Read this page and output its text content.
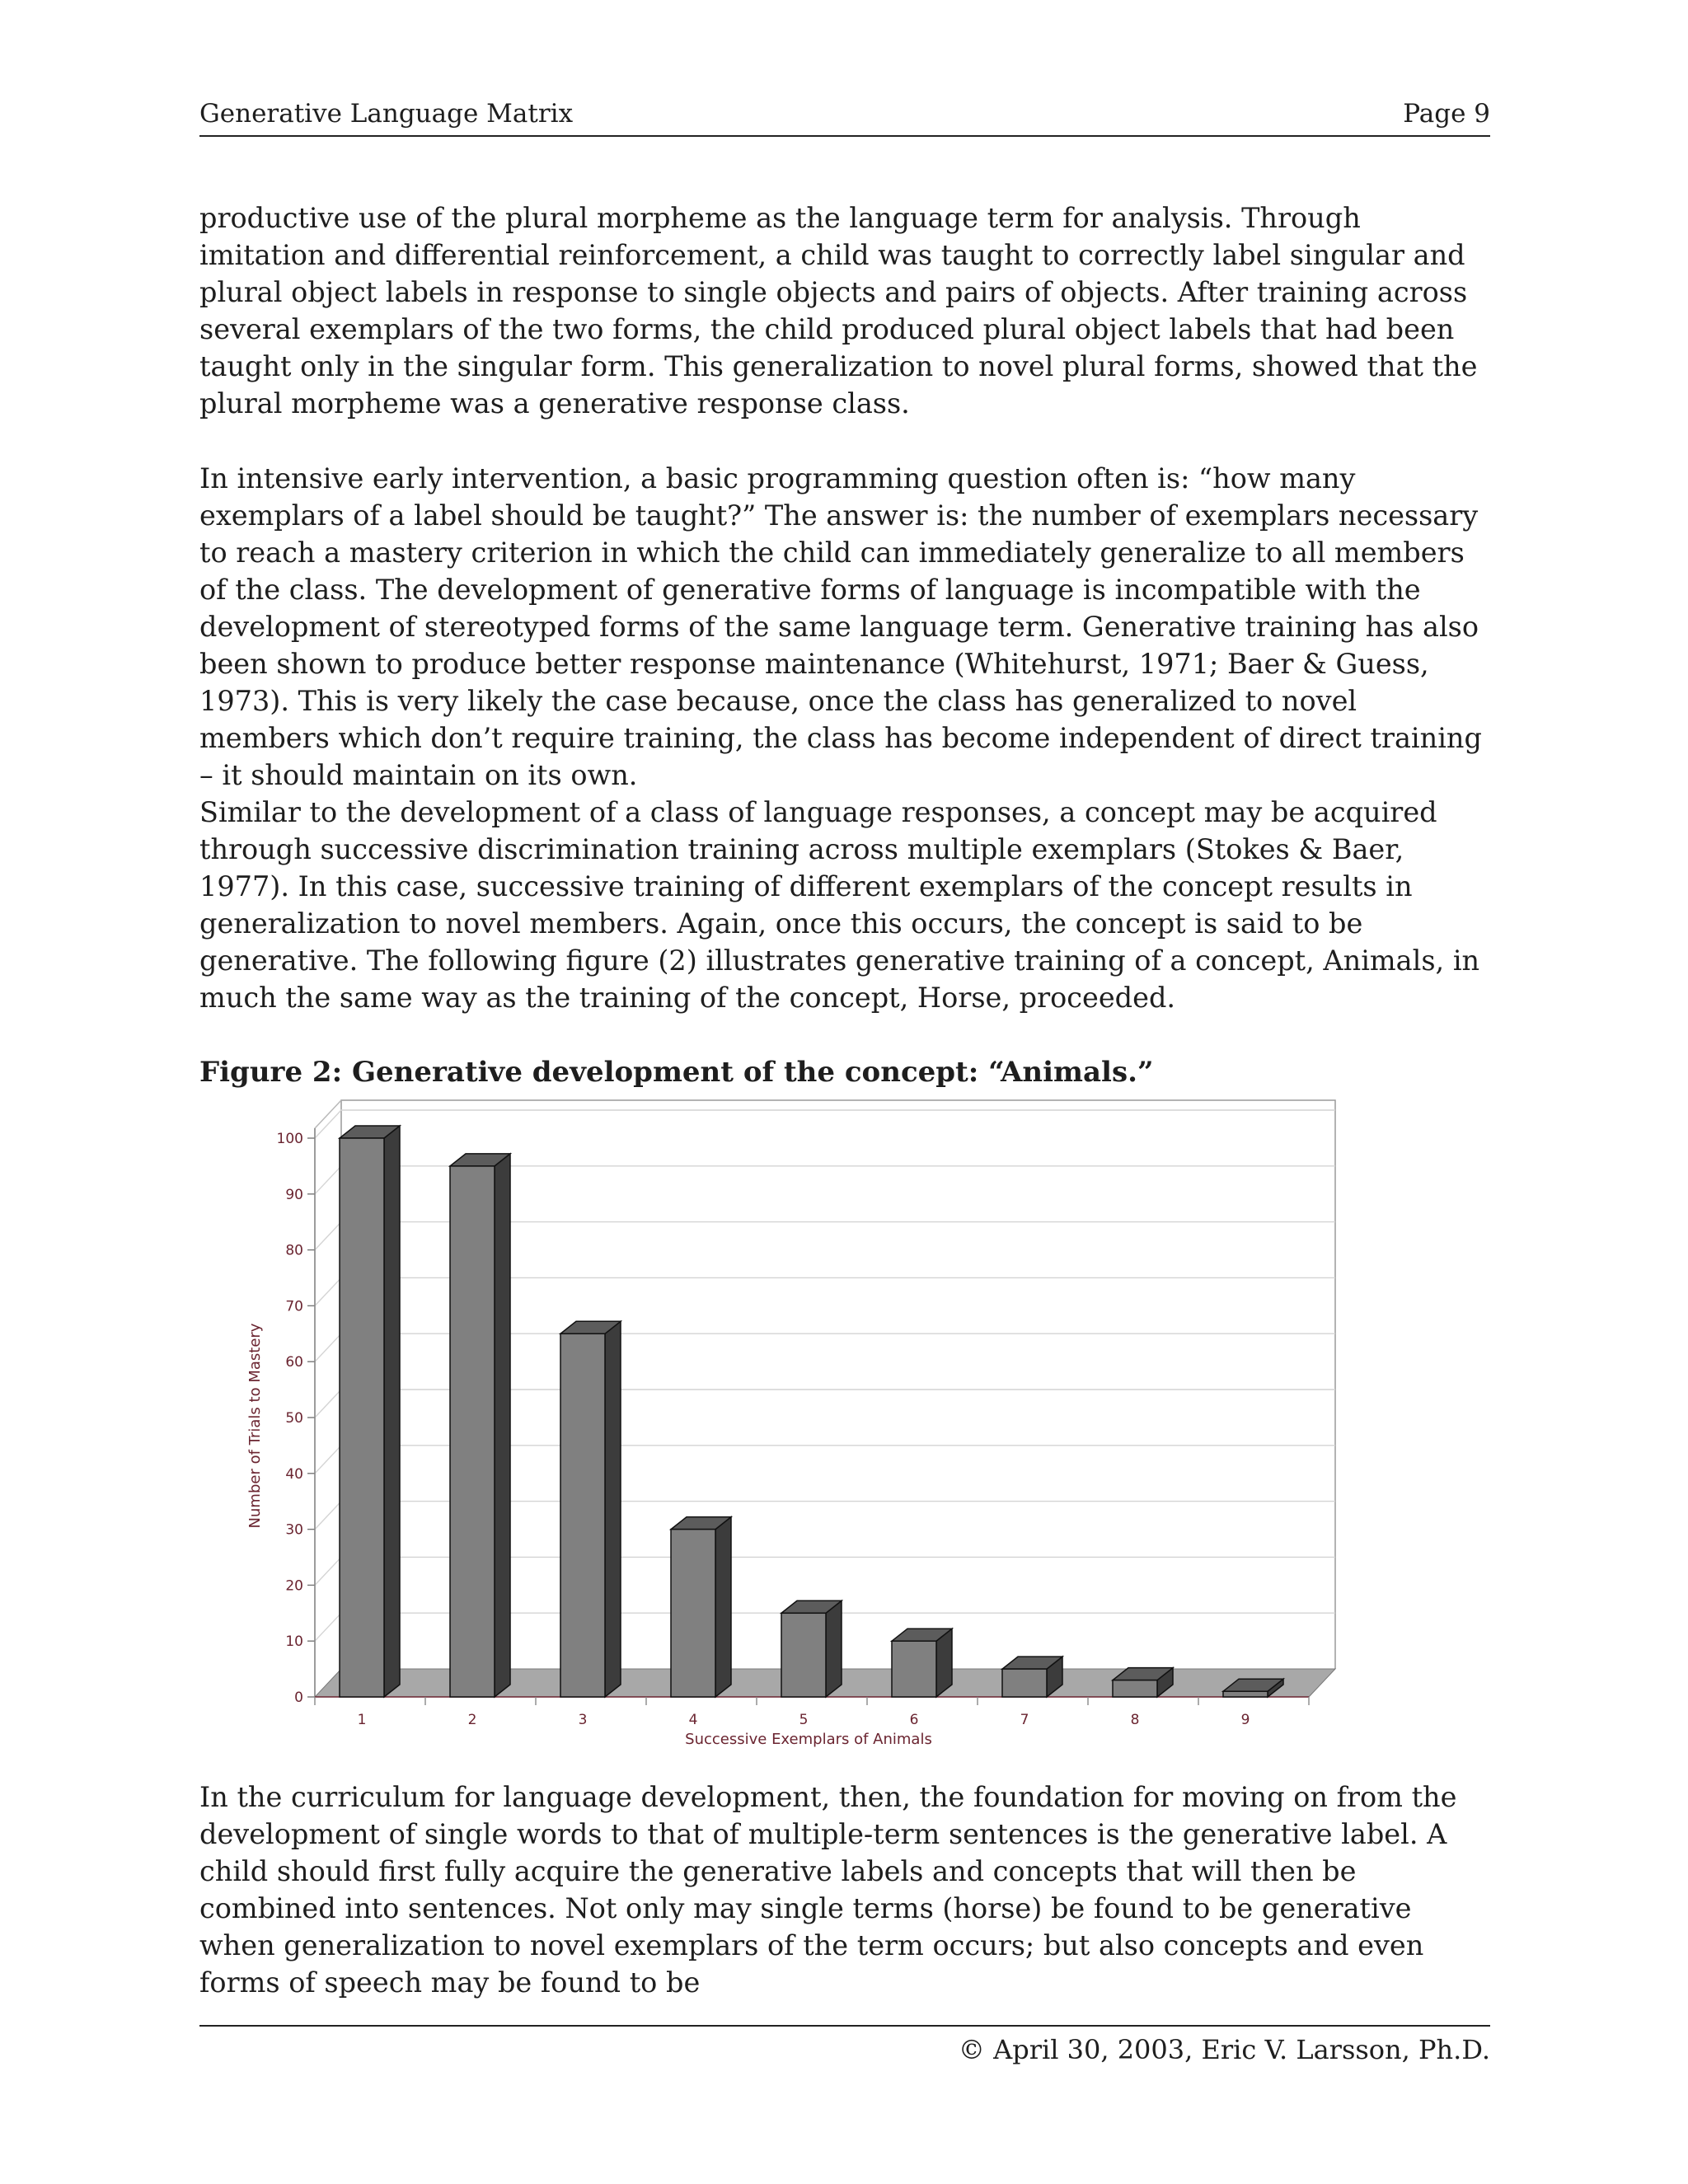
Generative Language Matrix	Page 9

productive use of the plural morpheme as the language term for analysis. Through imitation and differential reinforcement, a child was taught to correctly label singular and plural object labels in response to single objects and pairs of objects. After training across several exemplars of the two forms, the child produced plural object labels that had been taught only in the singular form. This generalization to novel plural forms, showed that the plural morpheme was a generative response class.

In intensive early intervention, a basic programming question often is: “how many exemplars of a label should be taught?” The answer is: the number of exemplars necessary to reach a mastery criterion in which the child can immediately generalize to all members of the class. The development of generative forms of language is incompatible with the development of stereotyped forms of the same language term. Generative training has also been shown to produce better response maintenance (Whitehurst, 1971; Baer & Guess, 1973). This is very likely the case because, once the class has generalized to novel members which don’t require training, the class has become independent of direct training – it should maintain on its own.

Similar to the development of a class of language responses, a concept may be acquired through successive discrimination training across multiple exemplars (Stokes & Baer, 1977). In this case, successive training of different exemplars of the concept results in generalization to novel members. Again, once this occurs, the concept is said to be generative. The following figure (2) illustrates generative training of a concept, Animals, in much the same way as the training of the concept, Horse, proceeded.

Figure 2: Generative development of the concept: “Animals.”

0
10
20
30
40
50
60
70
80
90
100
1	2	3	4	5	6	7	8	9
Successive Exemplars of Animals
Number of Trials to Mastery

In the curriculum for language development, then, the foundation for moving on from the development of single words to that of multiple-term sentences is the generative label. A child should first fully acquire the generative labels and concepts that will then be combined into sentences. Not only may single terms (horse) be found to be generative when generalization to novel exemplars of the term occurs; but also concepts and even forms of speech may be found to be

© April 30, 2003, Eric V. Larsson, Ph.D.
